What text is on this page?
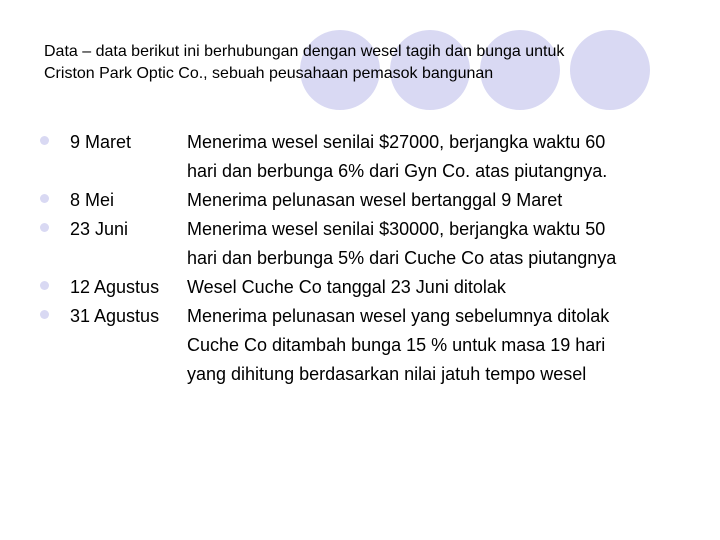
Data – data berikut ini berhubungan dengan wesel tagih dan bunga untuk
Criston Park Optic Co., sebuah peusahaan pemasok bangunan
9 Maret	Menerima wesel senilai $27000, berjangka waktu 60
hari dan berbunga 6% dari Gyn Co. atas piutangnya.
8 Mei	Menerima pelunasan wesel bertanggal 9 Maret
23 Juni	Menerima wesel senilai $30000, berjangka waktu 50
hari dan berbunga 5% dari Cuche Co atas piutangnya
12 Agustus Wesel Cuche Co tanggal 23 Juni ditolak
31 Agustus Menerima pelunasan wesel yang sebelumnya ditolak
Cuche Co ditambah bunga 15 % untuk masa 19 hari
yang dihitung berdasarkan nilai jatuh tempo wesel
